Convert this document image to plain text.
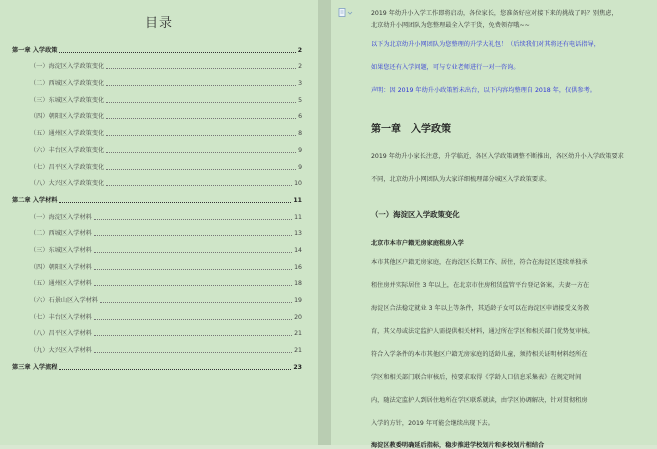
目录
第一章 入学政策	2
（一）海淀区入学政策变化	2
（二）西城区入学政策变化	3
（三）东城区入学政策变化	5
（四）朝阳区入学政策变化	6
（五）通州区入学政策变化	8
（六）丰台区入学政策变化	9
（七）昌平区入学政策变化	9
（八）大兴区入学政策变化	10
第二章 入学材料	11
（一）海淀区入学材料	11
（二）西城区入学材料	13
（三）东城区入学材料	14
（四）朝阳区入学材料	16
（五）通州区入学材料	18
（六）石景山区入学材料	19
（七）丰台区入学材料	20
（八）昌平区入学材料	21
（九）大兴区入学材料	21
第三章 入学流程	23
2019 年幼升小入学工作即将启动，各位家长，您准备好应对接下来的挑战了吗？别焦虑，
北京幼升小网团队为您整理最全入学干货，免费领存哦~~
以下为北京幼升小网团队为您整理的升学大礼包！（后续我们对其将还有电话指导，
如果您还有入学问题，可与专业老师进行一对一咨询。
声明：因 2019 年幼升小政策暂未出台，以下内容均整理自 2018 年，仅供参考。
第一章　入学政策
2019 年幼升小家长注意，升学临近，各区入学政策调整不断推出，各区幼升小入学政策要求
不同，北京幼升小网团队为大家详细梳理部分城区入学政策要求。
（一）海淀区入学政策变化
北京市本市户籍无房家庭租房入学
本市其他区户籍无房家庭，在海淀区长期工作、居住，符合在海淀区连续单独承
租住房并实际居住 3 年以上，在北京市住房租赁监管平台登记备案，夫妻一方在
海淀区合法稳定就业 3 年以上等条件，其适龄子女可以在海淀区申请接受义务教
育，其父母或法定监护人需提供相关材料，通过所在学区和相关部门优势复审核。
符合入学条件的本市其他区户籍无房家庭的适龄儿童，须持相关证明材料经所在
学区和相关部门联合审核后，按要求取得《学龄人口信息采集表》在规定时间
内，随法定监护人到居住地所在学区联系就读，由学区协调解决，针对贯彻租房
入学的方针，2019 年可能会继续出现下去。
海淀区教委明确延后指标，稳步推进学校划片和多校划片相结合
